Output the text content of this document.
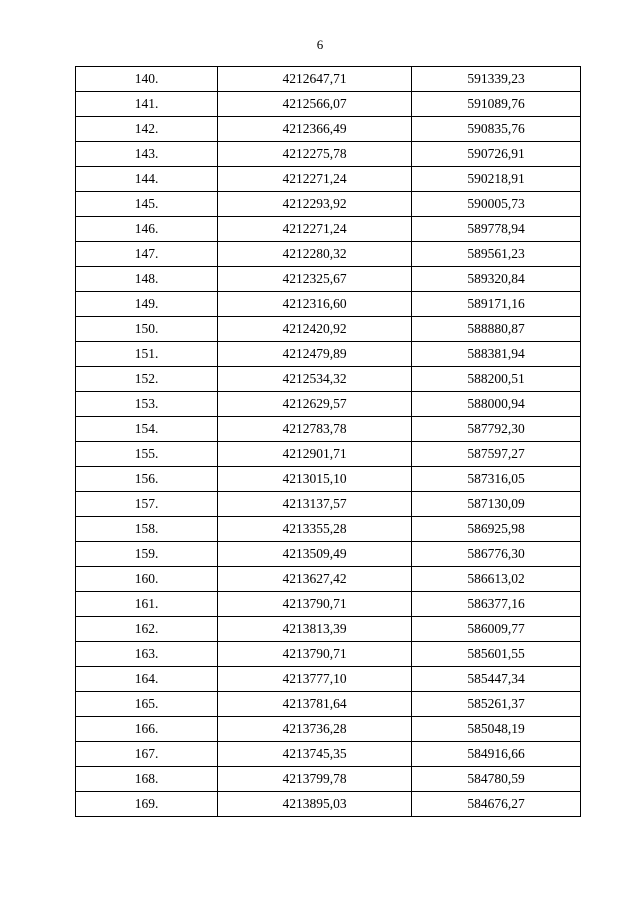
6
140.	4212647,71	591339,23
141.	4212566,07	591089,76
142.	4212366,49	590835,76
143.	4212275,78	590726,91
144.	4212271,24	590218,91
145.	4212293,92	590005,73
146.	4212271,24	589778,94
147.	4212280,32	589561,23
148.	4212325,67	589320,84
149.	4212316,60	589171,16
150.	4212420,92	588880,87
151.	4212479,89	588381,94
152.	4212534,32	588200,51
153.	4212629,57	588000,94
154.	4212783,78	587792,30
155.	4212901,71	587597,27
156.	4213015,10	587316,05
157.	4213137,57	587130,09
158.	4213355,28	586925,98
159.	4213509,49	586776,30
160.	4213627,42	586613,02
161.	4213790,71	586377,16
162.	4213813,39	586009,77
163.	4213790,71	585601,55
164.	4213777,10	585447,34
165.	4213781,64	585261,37
166.	4213736,28	585048,19
167.	4213745,35	584916,66
168.	4213799,78	584780,59
169.	4213895,03	584676,27
